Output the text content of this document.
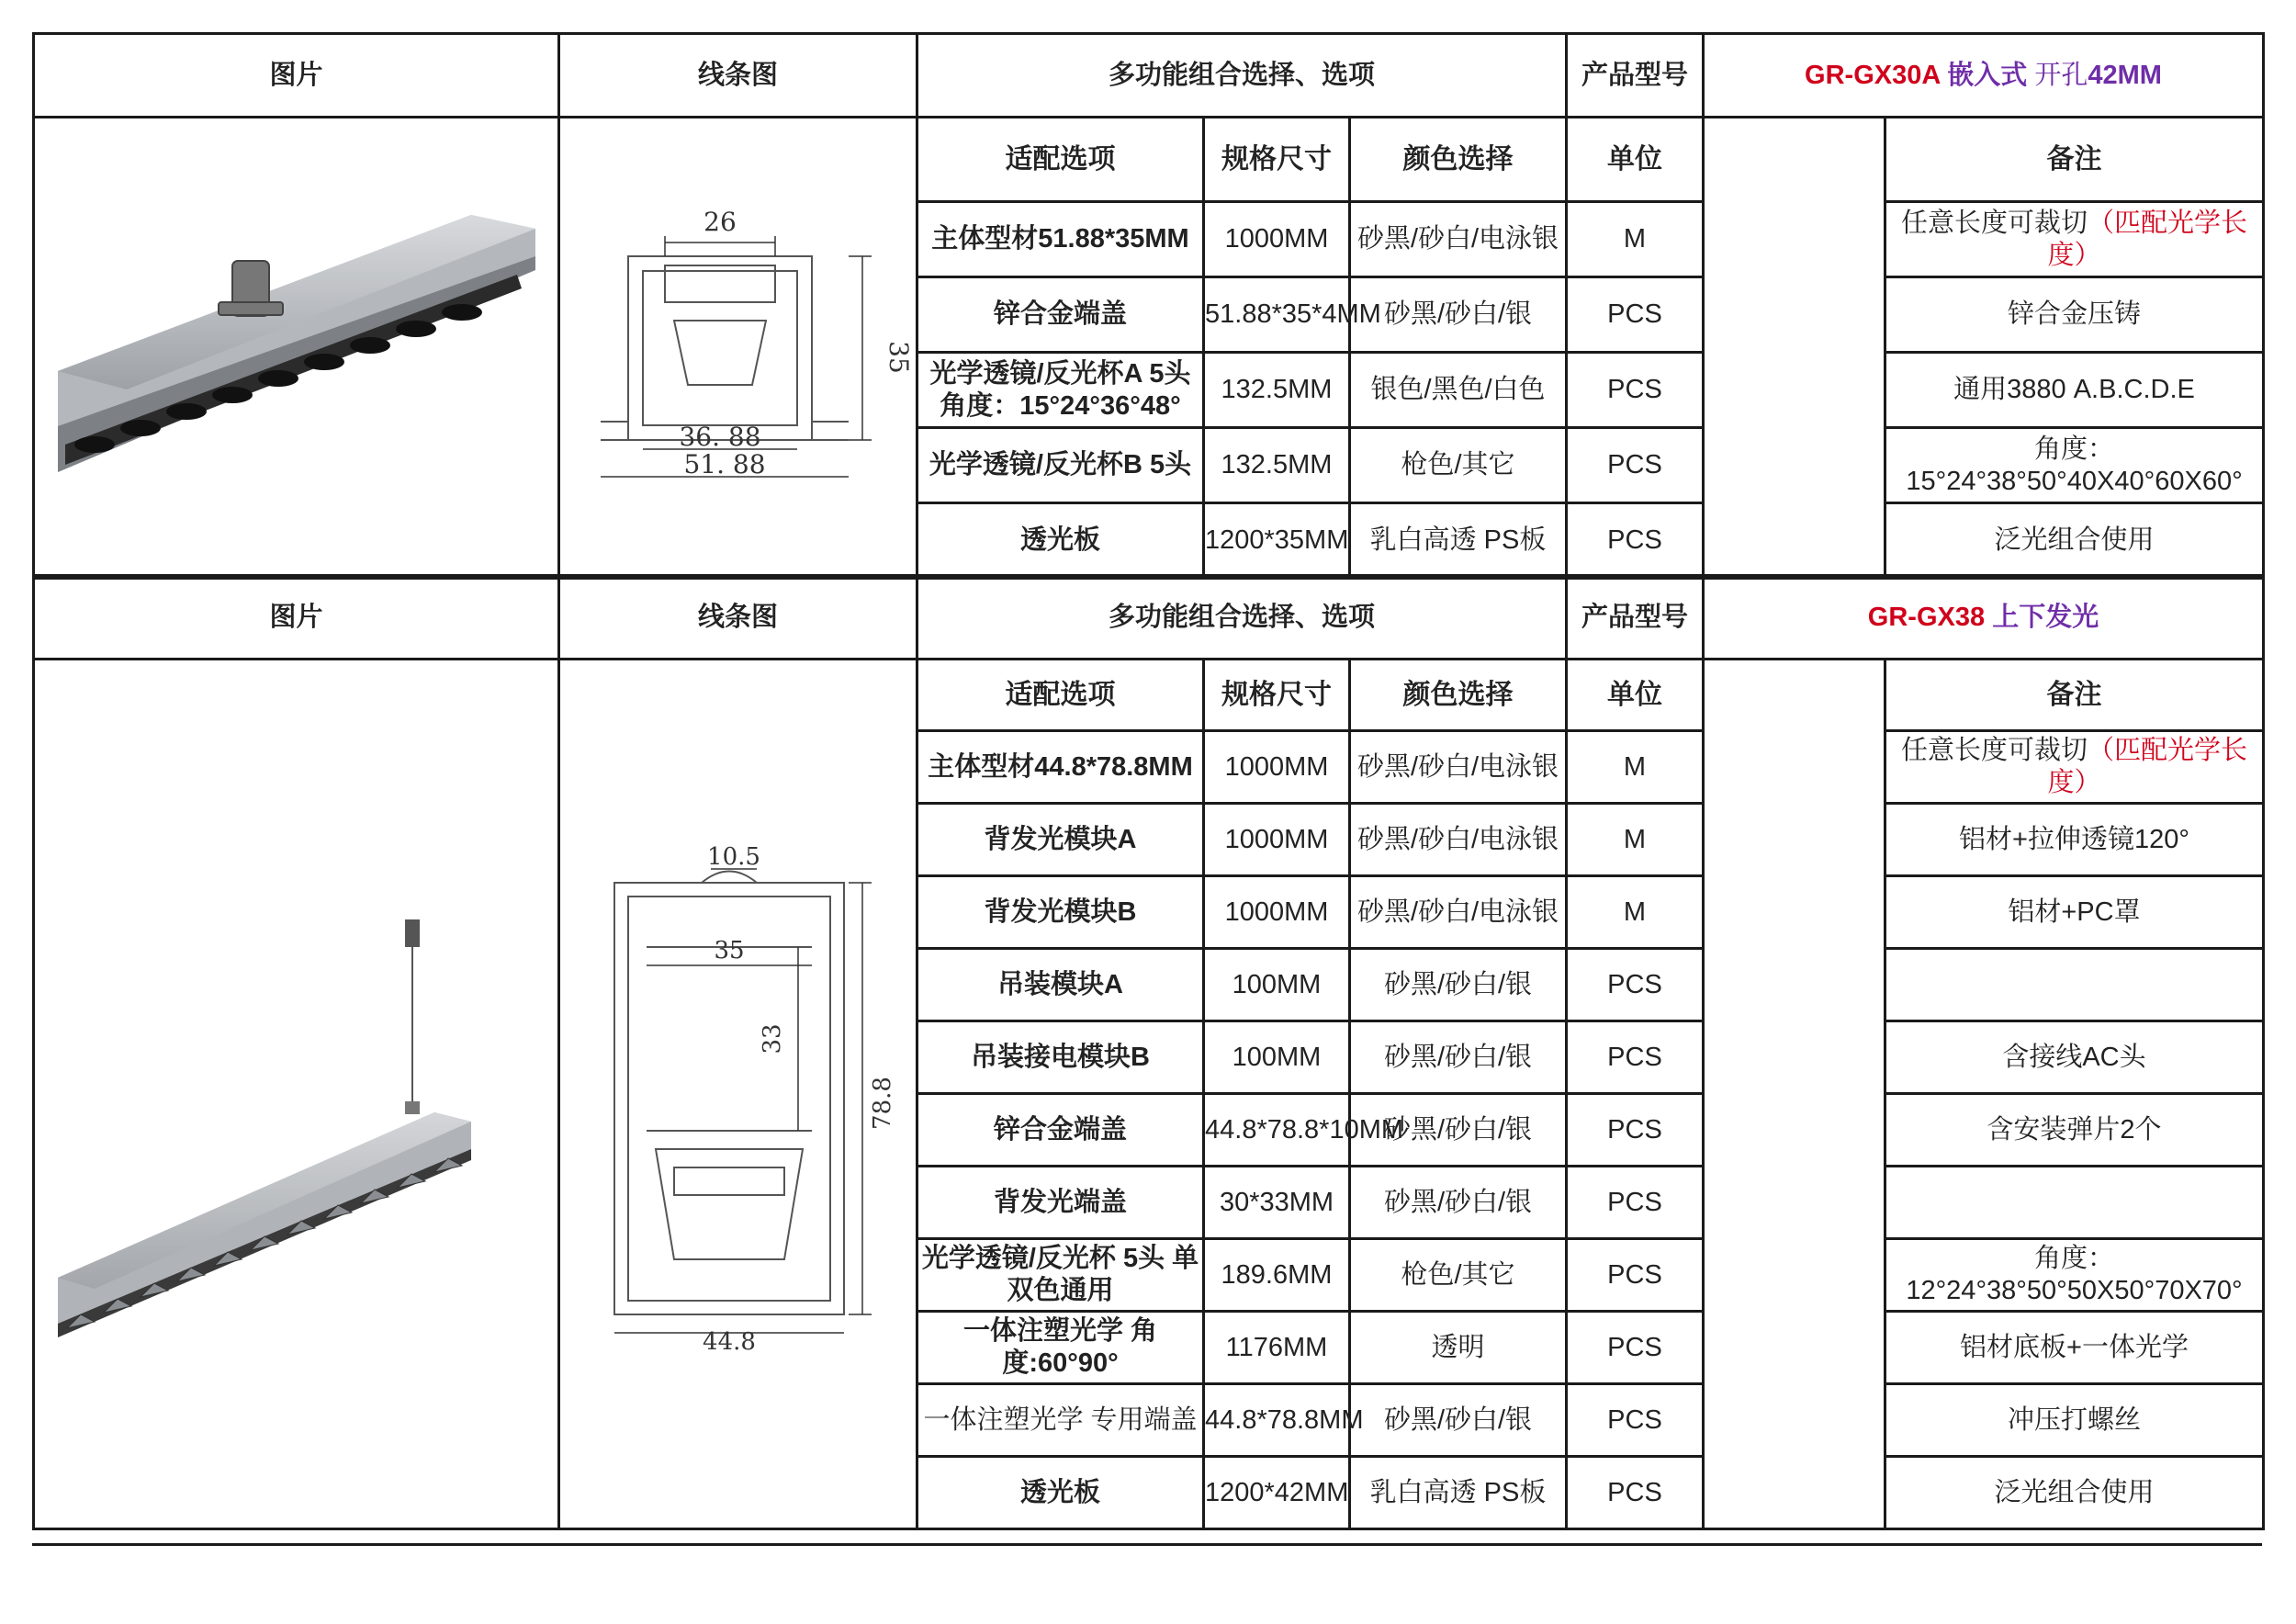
图片	线条图	多功能组合选择、选项			产品型号	GR-GX30A 嵌入式 开孔42MM	

26
35
36. 88
51. 88	适配选项	规格尺寸	颜色选择	单位		备注
		主体型材51.88*35MM	1000MM	砂黑/砂白/电泳银	M		任意长度可裁切（匹配光学长度）
		锌合金端盖	51.88*35*4MM	砂黑/砂白/银	PCS		锌合金压铸
		光学透镜/反光杯A 5头 角度：15°24°36°48°	132.5MM	银色/黑色/白色	PCS		通用3880 A.B.C.D.E
		光学透镜/反光杯B 5头	132.5MM	枪色/其它	PCS		角度：15°24°38°50°40X40°60X60°
		透光板	1200*35MM	乳白高透 PS板	PCS		泛光组合使用
图片	线条图	多功能组合选择、选项			产品型号	GR-GX38 上下发光	

10.5
35
33
78.8
44.8	适配选项	规格尺寸	颜色选择	单位		备注
		主体型材44.8*78.8MM	1000MM	砂黑/砂白/电泳银	M		任意长度可裁切（匹配光学长度）
		背发光模块A	1000MM	砂黑/砂白/电泳银	M		铝材+拉伸透镜120°
		背发光模块B	1000MM	砂黑/砂白/电泳银	M		铝材+PC罩
		吊装模块A	100MM	砂黑/砂白/银	PCS		
		吊装接电模块B	100MM	砂黑/砂白/银	PCS		含接线AC头
		锌合金端盖	44.8*78.8*10MM	砂黑/砂白/银	PCS		含安装弹片2个
		背发光端盖	30*33MM	砂黑/砂白/银	PCS		
		光学透镜/反光杯 5头 单双色通用	189.6MM	枪色/其它	PCS		角度：12°24°38°50°50X50°70X70°
		一体注塑光学 角度:60°90°	1176MM	透明	PCS		铝材底板+一体光学
		一体注塑光学 专用端盖	44.8*78.8MM	砂黑/砂白/银	PCS		冲压打螺丝
		透光板	1200*42MM	乳白高透 PS板	PCS		泛光组合使用
